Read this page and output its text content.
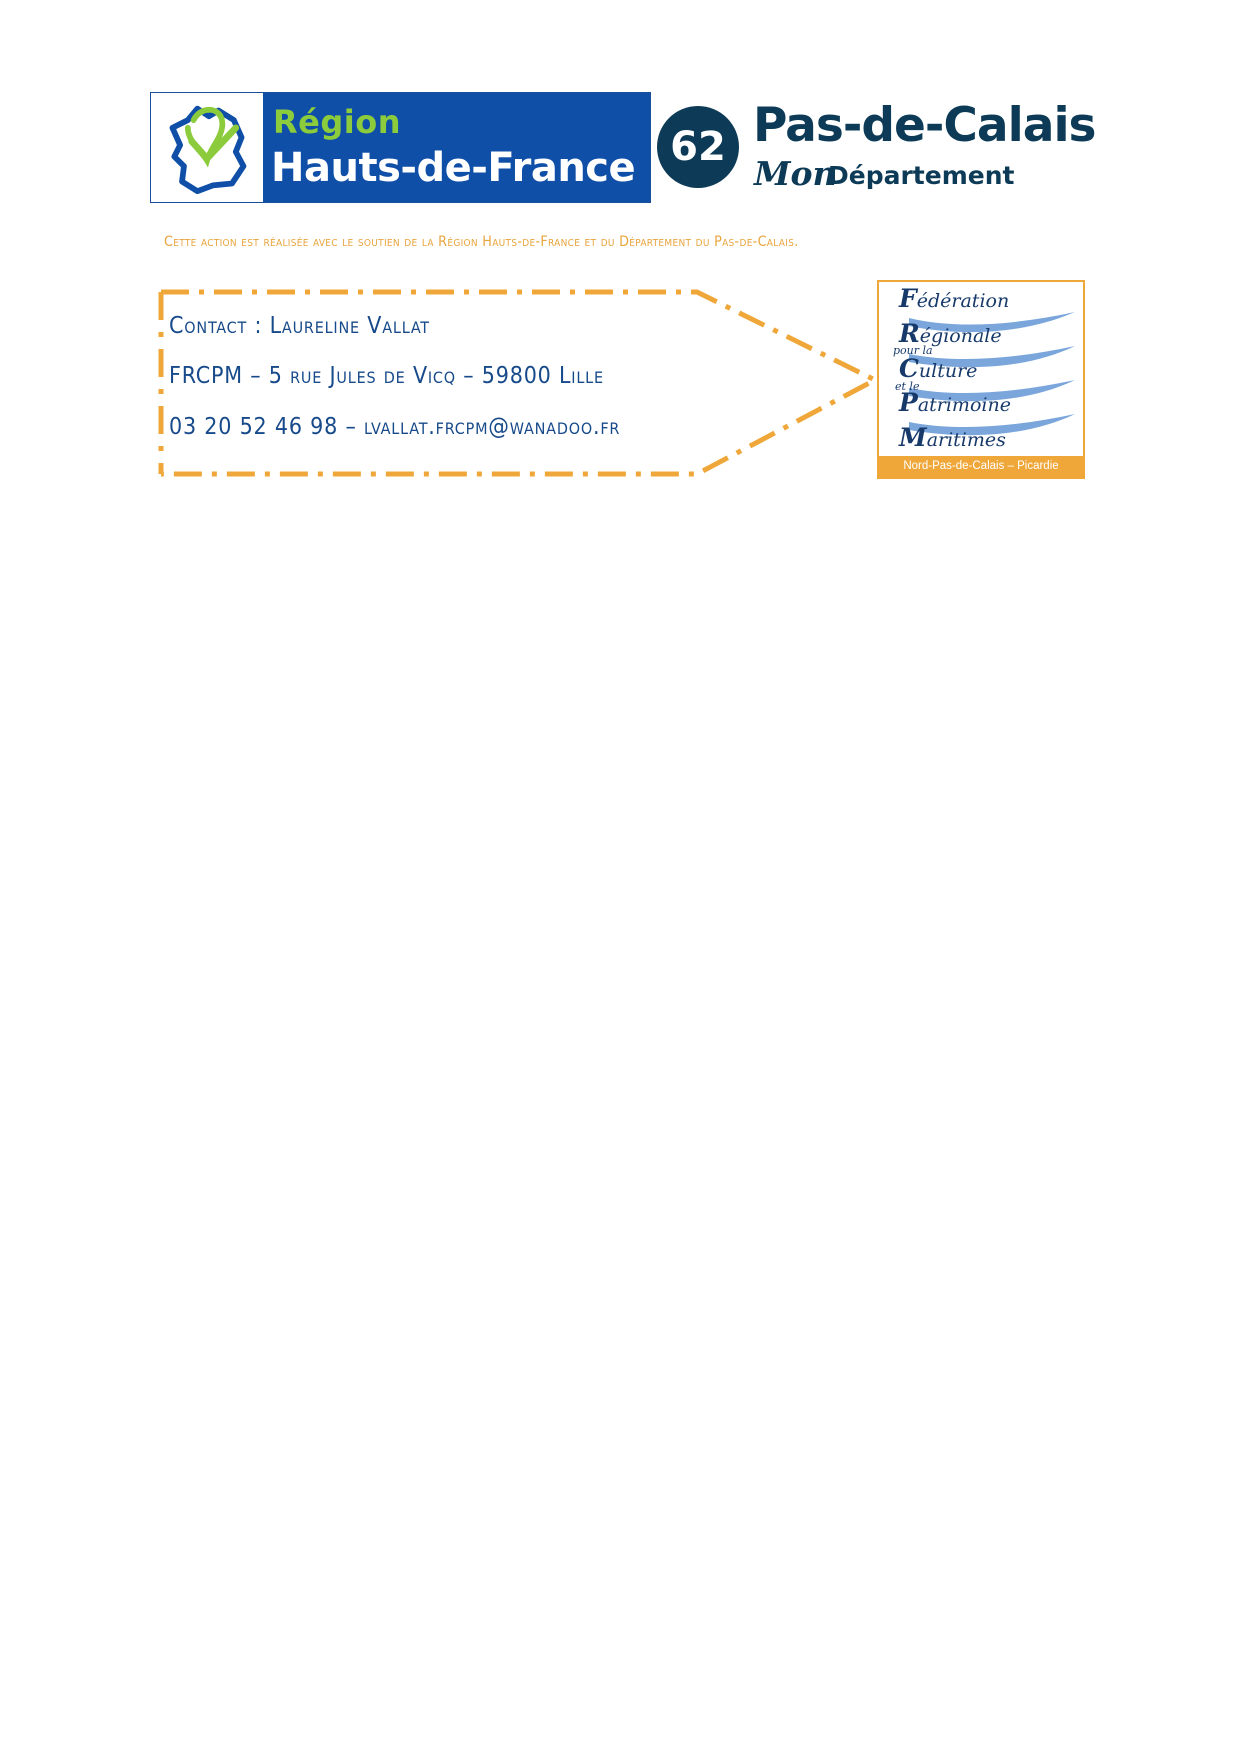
Région
Hauts-de-France 62 Pas-de-Calais
Mon
Département
Cette action est réalisée avec le soutien de la Région Hauts-de-France et du Département du Pas-de-Calais.
Contact : Laureline Vallat
FRCPM – 5 rue Jules de Vicq – 59800 Lille
03 20 52 46 98 – lvallat.frcpm@wanadoo.fr
Fédération
Régionale
pour la
Culture
et le
Patrimoine
Maritimes
Nord-Pas-de-Calais – Picardie
